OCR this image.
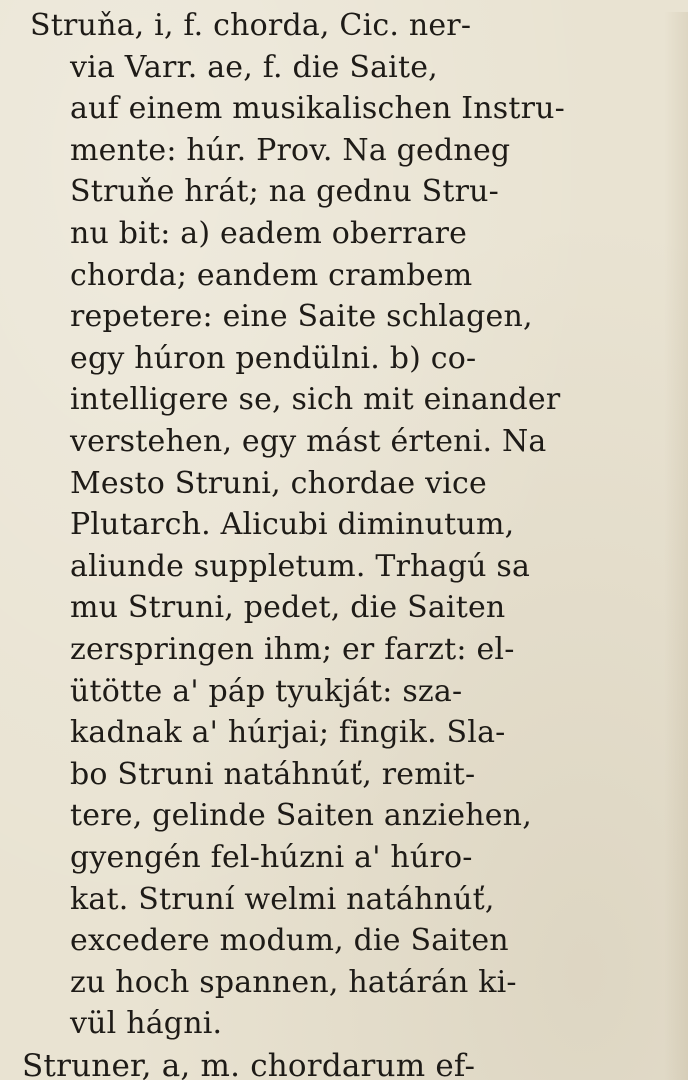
Struner, a, m. chordarum ef-
Struňa, i, f. chorda, Cic. ner-
via Varr. ae, f. die Saite,
auf einem musikalischen Instru-
mente: húr. Prov. Na gedneg
Struňe hrát; na gednu Stru-
nu bit: a) eadem oberrare
chorda; eandem crambem
repetere: eine Saite schlagen,
egy húron pendülni. b) co-
intelligere se, sich mit einander
verstehen, egy mást érteni. Na
Mesto Struni, chordae vice
Plutarch. Alicubi diminutum,
aliunde suppletum. Trhagú sa
mu Struni, pedet, die Saiten
zerspringen ihm; er farzt: el-
ütötte a' páp tyukját: sza-
kadnak a' húrjai; fingik. Sla-
bo Struni natáhnúť, remit-
tere, gelinde Saiten anziehen,
gyengén fel-húzni a' húro-
kat. Struní welmi natáhnúť,
excedere modum, die Saiten
zu hoch spannen, határán ki-
vül hágni.
